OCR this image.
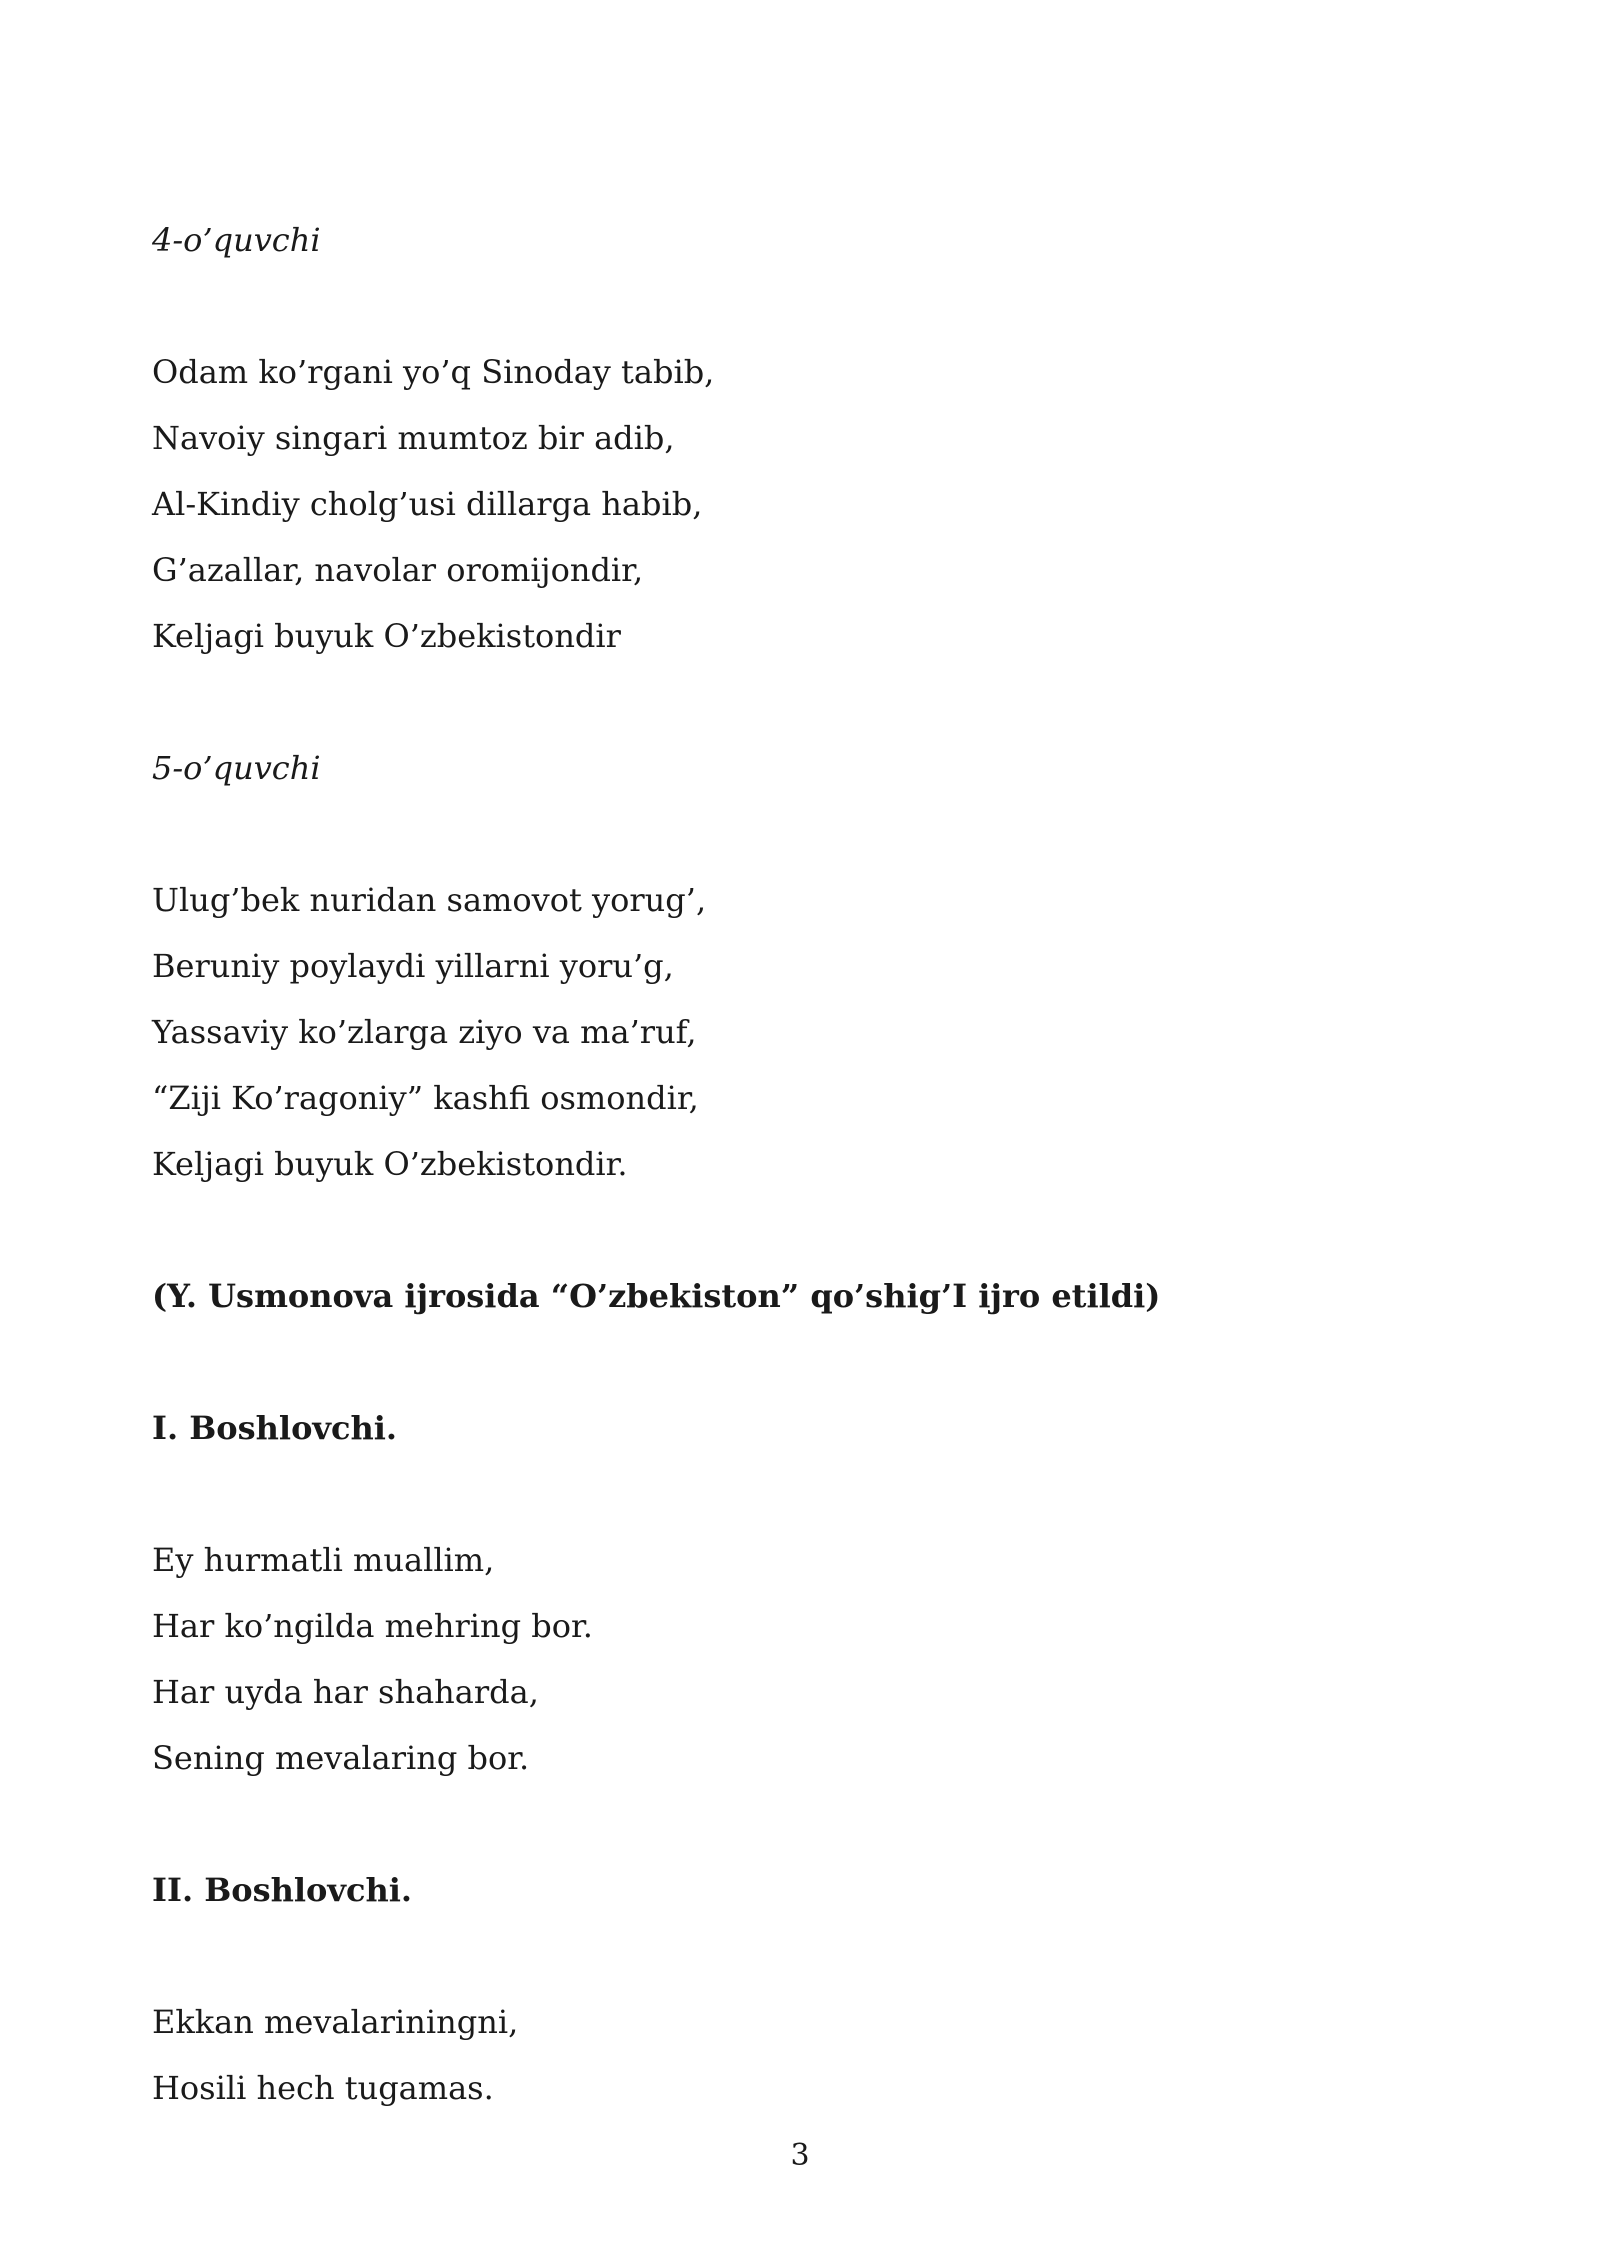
4-o’quvchi
Odam ko’rgani yo’q Sinoday tabib,
Navoiy singari mumtoz bir adib,
Al-Kindiy cholg’usi dillarga habib,
G’azallar, navolar oromijondir,
Keljagi buyuk O’zbekistondir
5-o’quvchi
Ulug’bek nuridan samovot yorug’,
Beruniy poylaydi yillarni yoru’g,
Yassaviy ko’zlarga ziyo va ma’ruf,
“Ziji Ko’ragoniy” kashfi osmondir,
Keljagi buyuk O’zbekistondir.
(Y. Usmonova ijrosida “O’zbekiston” qo’shig’I ijro etildi)
I. Boshlovchi.
Ey hurmatli muallim,
Har ko’ngilda mehring bor.
Har uyda har shaharda,
Sening mevalaring bor.
II. Boshlovchi.
Ekkan mevalariningni,
Hosili hech tugamas.
3
